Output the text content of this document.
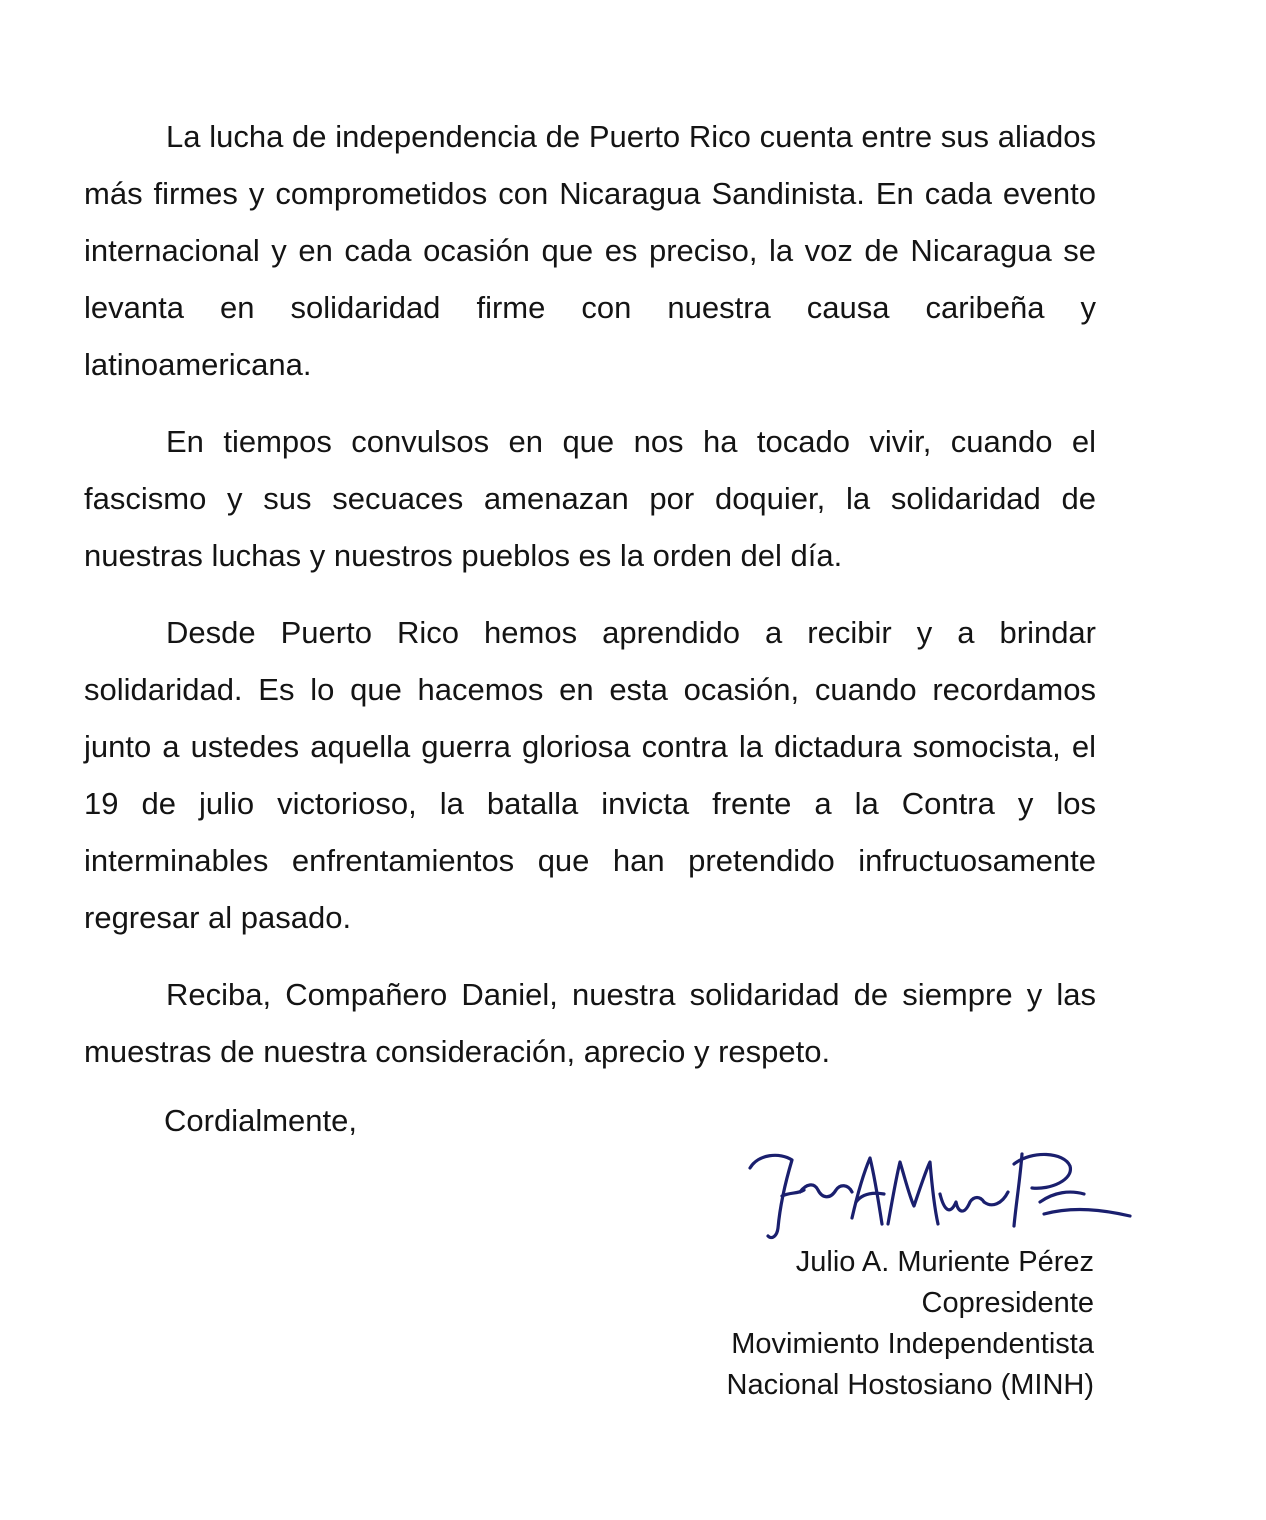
La lucha de independencia de Puerto Rico cuenta entre sus aliados más firmes y comprometidos con Nicaragua Sandinista. En cada evento internacional y en cada ocasión que es preciso, la voz de Nicaragua se levanta en solidaridad firme con nuestra causa caribeña y latinoamericana.

En tiempos convulsos en que nos ha tocado vivir, cuando el fascismo y sus secuaces amenazan por doquier, la solidaridad de nuestras luchas y nuestros pueblos es la orden del día.

Desde Puerto Rico hemos aprendido a recibir y a brindar solidaridad. Es lo que hacemos en esta ocasión, cuando recordamos junto a ustedes aquella guerra gloriosa contra la dictadura somocista, el 19 de julio victorioso, la batalla invicta frente a la Contra y los interminables enfrentamientos que han pretendido infructuosamente regresar al pasado.

Reciba, Compañero Daniel, nuestra solidaridad de siempre y las muestras de nuestra consideración, aprecio y respeto.

Cordialmente,
Julio A. Muriente Pérez
Copresidente
Movimiento Independentista
Nacional Hostosiano (MINH)
